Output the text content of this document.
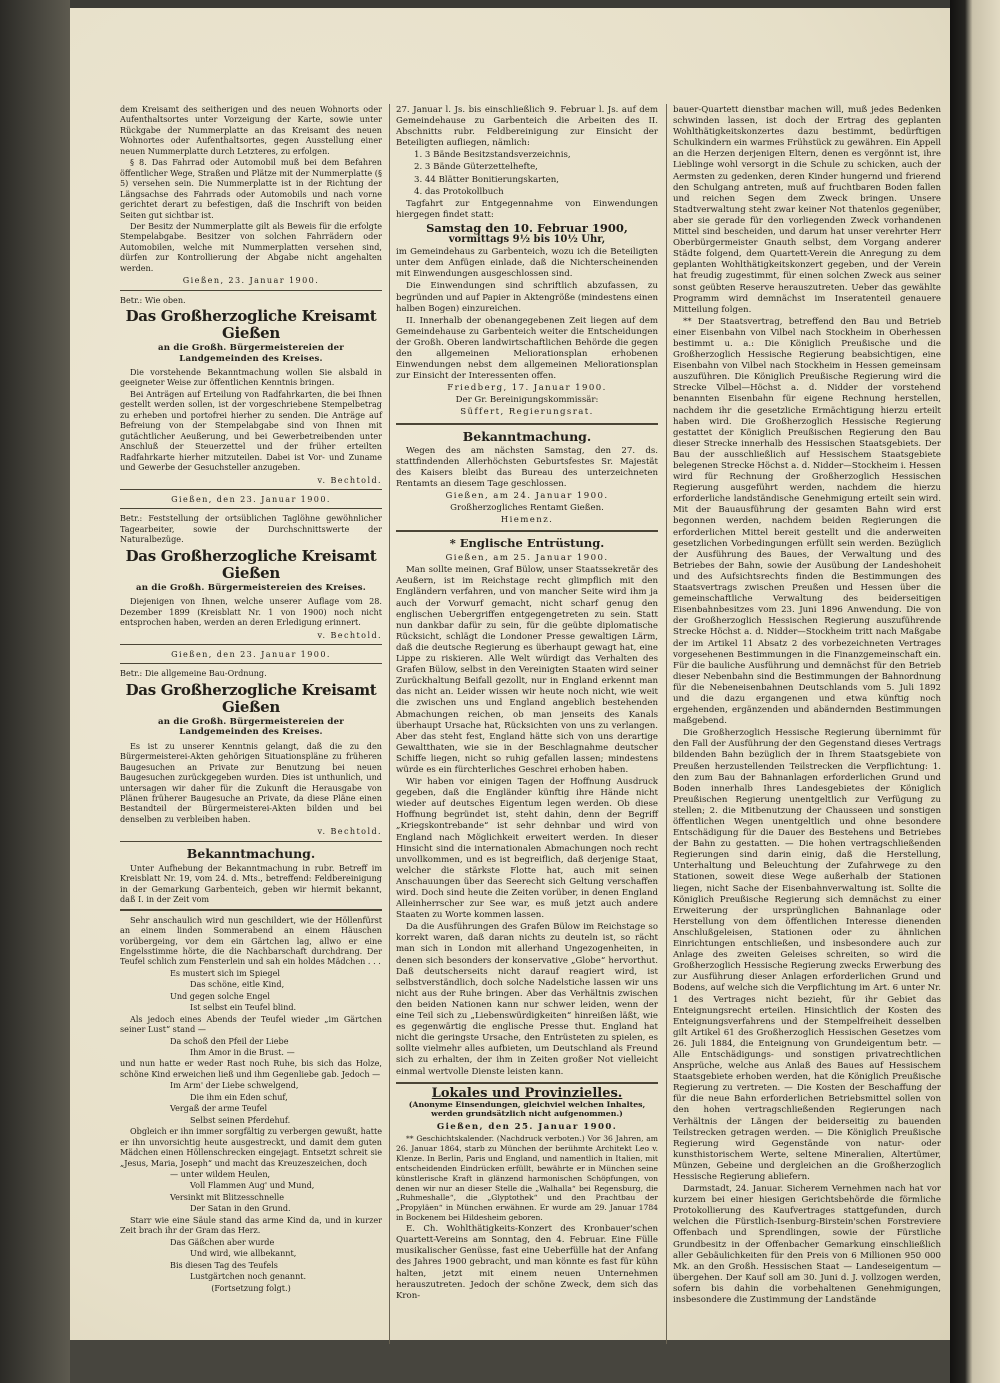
dem Kreisamt des seitherigen und des neuen Wohnorts oder Aufenthaltsortes unter Vorzeigung der Karte, sowie unter Rückgabe der Nummerplatte an das Kreisamt des neuen Wohnortes oder Aufenthaltsortes, gegen Ausstellung einer neuen Nummerplatte durch Letzteres, zu erfolgen.

§ 8. Das Fahrrad oder Automobil muß bei dem Befahren öffentlicher Wege, Straßen und Plätze mit der Nummerplatte (§ 5) versehen sein. Die Nummerplatte ist in der Richtung der Längsachse des Fahrrads oder Automobils und nach vorne gerichtet derart zu befestigen, daß die Inschrift von beiden Seiten gut sichtbar ist.

Der Besitz der Nummerplatte gilt als Beweis für die erfolgte Stempelabgabe. Besitzer von solchen Fahrrädern oder Automobilen, welche mit Nummerplatten versehen sind, dürfen zur Kontrollierung der Abgabe nicht angehalten werden.

Gießen, 23. Januar 1900.

Betr.: Wie oben.

Das Großherzogliche Kreisamt Gießen
an die Großh. Bürgermeistereien der Landgemeinden des Kreises.

Die vorstehende Bekanntmachung wollen Sie alsbald in geeigneter Weise zur öffentlichen Kenntnis bringen.

Bei Anträgen auf Erteilung von Radfahrkarten, die bei Ihnen gestellt werden sollen, ist der vorgeschriebene Stempelbetrag zu erheben und portofrei hierher zu senden. Die Anträge auf Befreiung von der Stempelabgabe sind von Ihnen mit gutächtlicher Aeußerung, und bei Gewerbetreibenden unter Anschluß der Steuerzettel und der früher erteilten Radfahrkarte hierher mitzuteilen. Dabei ist Vor- und Zuname und Gewerbe der Gesuchsteller anzugeben.

v. Bechtold.

Gießen, den 23. Januar 1900.

Betr.: Feststellung der ortsüblichen Taglöhne gewöhnlicher Tagearbeiter, sowie der Durchschnittswerte der Naturalbezüge.

Das Großherzogliche Kreisamt Gießen
an die Großh. Bürgermeistereien des Kreises.

Diejenigen von Ihnen, welche unserer Auflage vom 28. Dezember 1899 (Kreisblatt Nr. 1 von 1900) noch nicht entsprochen haben, werden an deren Erledigung erinnert.

v. Bechtold.

Gießen, den 23. Januar 1900.

Betr.: Die allgemeine Bau-Ordnung.

Das Großherzogliche Kreisamt Gießen
an die Großh. Bürgermeistereien der Landgemeinden des Kreises.

Es ist zu unserer Kenntnis gelangt, daß die zu den Bürgermeisterei-Akten gehörigen Situationspläne zu früheren Baugesuchen an Private zur Benutzung bei neuen Baugesuchen zurückgegeben wurden. Dies ist unthunlich, und untersagen wir daher für die Zukunft die Herausgabe von Plänen früherer Baugesuche an Private, da diese Pläne einen Bestandteil der Bürgermeisterei-Akten bilden und bei denselben zu verbleiben haben.

v. Bechtold.

Bekanntmachung.

Unter Aufhebung der Bekanntmachung in rubr. Betreff im Kreisblatt Nr. 19, vom 24. d. Mts., betreffend: Feldbereinigung in der Gemarkung Garbenteich, geben wir hiermit bekannt, daß I. in der Zeit vom

Sehr anschaulich wird nun geschildert, wie der Höllenfürst an einem linden Sommerabend an einem Häuschen vorübergeing, vor dem ein Gärtchen lag, allwo er eine Engelsstimme hörte, die die Nachbarschaft durchdrang. Der Teufel schlich zum Fensterlein und sah ein holdes Mädchen . . .

Es mustert sich im Spiegel

Das schöne, eitle Kind,

Und gegen solche Engel

Ist selbst ein Teufel blind.

Als jedoch eines Abends der Teufel wieder „im Gärtchen seiner Lust“ stand —

Da schoß den Pfeil der Liebe

Ihm Amor in die Brust. —

und nun hatte er weder Rast noch Ruhe, bis sich das Holze, schöne Kind erweichen ließ und ihm Gegenliebe gab. Jedoch —

Im Arm' der Liebe schwelgend,

Die ihm ein Eden schuf,

Vergaß der arme Teufel

Selbst seinen Pferdehuf.

Obgleich er ihn immer sorgfältig zu verbergen gewußt, hatte er ihn unvorsichtig heute ausgestreckt, und damit dem guten Mädchen einen Höllenschrecken eingejagt. Entsetzt schreit sie „Jesus, Maria, Joseph“ und macht das Kreuzeszeichen, doch

— unter wildem Heulen,

Voll Flammen Aug' und Mund,

Versinkt mit Blitzesschnelle

Der Satan in den Grund.

Starr wie eine Säule stand das arme Kind da, und in kurzer Zeit brach ihr der Gram das Herz.

Das Gäßchen aber wurde

Und wird, wie allbekannt,

Bis diesen Tag des Teufels

Lustgärtchen noch genannt.

(Fortsetzung folgt.)

27. Januar l. Js. bis einschließlich 9. Februar l. Js. auf dem Gemeindehause zu Garbenteich die Arbeiten des II. Abschnitts rubr. Feldbereinigung zur Einsicht der Beteiligten aufliegen, nämlich:

1. 3 Bände Besitzstandsverzeichnis,

2. 3 Bände Güterzettelhefte,

3. 44 Blätter Bonitierungskarten,

4. das Protokollbuch

Tagfahrt zur Entgegennahme von Einwendungen hiergegen findet statt:

Samstag den 10. Februar 1900,

vormittags 9½ bis 10½ Uhr,

im Gemeindehaus zu Garbenteich, wozu ich die Beteiligten unter dem Anfügen einlade, daß die Nichterscheinenden mit Einwendungen ausgeschlossen sind.

Die Einwendungen sind schriftlich abzufassen, zu begründen und auf Papier in Aktengröße (mindestens einen halben Bogen) einzureichen.

II. Innerhalb der obenangegebenen Zeit liegen auf dem Gemeindehause zu Garbenteich weiter die Entscheidungen der Großh. Oberen landwirtschaftlichen Behörde die gegen den allgemeinen Meliorationsplan erhobenen Einwendungen nebst dem allgemeinen Meliorationsplan zur Einsicht der Interessenten offen.

Friedberg, 17. Januar 1900.

Der Gr. Bereinigungskommissär:

Süffert, Regierungsrat.

Bekanntmachung.

Wegen des am nächsten Samstag, den 27. ds. stattfindenden Allerhöchsten Geburtsfestes Sr. Majestät des Kaisers bleibt das Bureau des unterzeichneten Rentamts an diesem Tage geschlossen.

Gießen, am 24. Januar 1900.

Großherzogliches Rentamt Gießen.

Hiemenz.

* Englische Entrüstung.

Gießen, am 25. Januar 1900.

Man sollte meinen, Graf Bülow, unser Staatssekretär des Aeußern, ist im Reichstage recht glimpflich mit den Engländern verfahren, und von mancher Seite wird ihm ja auch der Vorwurf gemacht, nicht scharf genug den englischen Uebergriffen entgegengetreten zu sein. Statt nun dankbar dafür zu sein, für die geübte diplomatische Rücksicht, schlägt die Londoner Presse gewaltigen Lärm, daß die deutsche Regierung es überhaupt gewagt hat, eine Lippe zu riskieren. Alle Welt würdigt das Verhalten des Grafen Bülow, selbst in den Vereinigten Staaten wird seiner Zurückhaltung Beifall gezollt, nur in England erkennt man das nicht an. Leider wissen wir heute noch nicht, wie weit die zwischen uns und England angeblich bestehenden Abmachungen reichen, ob man jenseits des Kanals überhaupt Ursache hat, Rücksichten von uns zu verlangen. Aber das steht fest, England hätte sich von uns derartige Gewaltthaten, wie sie in der Beschlagnahme deutscher Schiffe liegen, nicht so ruhig gefallen lassen; mindestens würde es ein fürchterliches Geschrei erhoben haben.

Wir haben vor einigen Tagen der Hoffnung Ausdruck gegeben, daß die Engländer künftig ihre Hände nicht wieder auf deutsches Eigentum legen werden. Ob diese Hoffnung begründet ist, steht dahin, denn der Begriff „Kriegskontrebande“ ist sehr dehnbar und wird von England nach Möglichkeit erweitert werden. In dieser Hinsicht sind die internationalen Abmachungen noch recht unvollkommen, und es ist begreiflich, daß derjenige Staat, welcher die stärkste Flotte hat, auch mit seinen Anschauungen über das Seerecht sich Geltung verschaffen wird. Doch sind heute die Zeiten vorüber, in denen England Alleinherrscher zur See war, es muß jetzt auch andere Staaten zu Worte kommen lassen.

Da die Ausführungen des Grafen Bülow im Reichstage so korrekt waren, daß daran nichts zu deuteln ist, so rächt man sich in London mit allerhand Ungezogenheiten, in denen sich besonders der konservative „Globe“ hervorthut. Daß deutscherseits nicht darauf reagiert wird, ist selbstverständlich, doch solche Nadelstiche lassen wir uns nicht aus der Ruhe bringen. Aber das Verhältnis zwischen den beiden Nationen kann nur schwer leiden, wenn der eine Teil sich zu „Liebenswürdigkeiten“ hinreißen läßt, wie es gegenwärtig die englische Presse thut. England hat nicht die geringste Ursache, den Entrüsteten zu spielen, es sollte vielmehr alles aufbieten, um Deutschland als Freund sich zu erhalten, der ihm in Zeiten großer Not vielleicht einmal wertvolle Dienste leisten kann.

Lokales und Provinzielles.
(Anonyme Einsendungen, gleichviel welchen Inhaltes, werden grundsätzlich nicht aufgenommen.)

Gießen, den 25. Januar 1900.

** Geschichtskalender. (Nachdruck verboten.) Vor 36 Jahren, am 26. Januar 1864, starb zu München der berühmte Architekt Leo v. Klenze. In Berlin, Paris und England, und namentlich in Italien, mit entscheidenden Eindrücken erfüllt, bewährte er in München seine künstlerische Kraft in glänzend harmonischen Schöpfungen, von denen wir nur an dieser Stelle die „Walhalla“ bei Regensburg, die „Ruhmeshalle“, die „Glyptothek“ und den Prachtbau der „Propyläen“ in München erwähnen. Er wurde am 29. Januar 1784 in Bockenem bei Hildesheim geboren.

E. Ch. Wohlthätigkeits-Konzert des Kronbauer'schen Quartett-Vereins am Sonntag, den 4. Februar. Eine Fülle musikalischer Genüsse, fast eine Ueberfülle hat der Anfang des Jahres 1900 gebracht, und man könnte es fast für kühn halten, jetzt mit einem neuen Unternehmen herauszutreten. Jedoch der schöne Zweck, dem sich das Kron-

bauer-Quartett dienstbar machen will, muß jedes Bedenken schwinden lassen, ist doch der Ertrag des geplanten Wohlthätigkeitskonzertes dazu bestimmt, bedürftigen Schulkindern ein warmes Frühstück zu gewähren. Ein Appell an die Herzen derjenigen Eltern, denen es vergönnt ist, ihre Lieblinge wohl versorgt in die Schule zu schicken, auch der Aermsten zu gedenken, deren Kinder hungernd und frierend den Schulgang antreten, muß auf fruchtbaren Boden fallen und reichen Segen dem Zweck bringen. Unsere Stadtverwaltung steht zwar keiner Not thatenlos gegenüber, aber sie gerade für den vorliegenden Zweck vorhandenen Mittel sind bescheiden, und darum hat unser verehrter Herr Oberbürgermeister Gnauth selbst, dem Vorgang anderer Städte folgend, dem Quartett-Verein die Anregung zu dem geplanten Wohlthätigkeitskonzert gegeben, und der Verein hat freudig zugestimmt, für einen solchen Zweck aus seiner sonst geübten Reserve herauszutreten. Ueber das gewählte Programm wird demnächst im Inseratenteil genauere Mitteilung folgen.

** Der Staatsvertrag, betreffend den Bau und Betrieb einer Eisenbahn von Vilbel nach Stockheim in Oberhessen bestimmt u. a.: Die Königlich Preußische und die Großherzoglich Hessische Regierung beabsichtigen, eine Eisenbahn von Vilbel nach Stockheim in Hessen gemeinsam auszuführen. Die Königlich Preußische Regierung wird die Strecke Vilbel—Höchst a. d. Nidder der vorstehend benannten Eisenbahn für eigene Rechnung herstellen, nachdem ihr die gesetzliche Ermächtigung hierzu erteilt haben wird. Die Großherzoglich Hessische Regierung gestattet der Königlich Preußischen Regierung den Bau dieser Strecke innerhalb des Hessischen Staatsgebiets. Der Bau der ausschließlich auf Hessischem Staatsgebiete belegenen Strecke Höchst a. d. Nidder—Stockheim i. Hessen wird für Rechnung der Großherzoglich Hessischen Regierung ausgeführt werden, nachdem die hierzu erforderliche landständische Genehmigung erteilt sein wird. Mit der Bauausführung der gesamten Bahn wird erst begonnen werden, nachdem beiden Regierungen die erforderlichen Mittel bereit gestellt und die anderweiten gesetzlichen Vorbedingungen erfüllt sein werden. Bezüglich der Ausführung des Baues, der Verwaltung und des Betriebes der Bahn, sowie der Ausübung der Landeshoheit und des Aufsichtsrechts finden die Bestimmungen des Staatsvertrags zwischen Preußen und Hessen über die gemeinschaftliche Verwaltung des beiderseitigen Eisenbahnbesitzes vom 23. Juni 1896 Anwendung. Die von der Großherzoglich Hessischen Regierung auszuführende Strecke Höchst a. d. Nidder—Stockheim tritt nach Maßgabe der im Artikel 11 Absatz 2 des vorbezeichneten Vertrages vorgesehenen Bestimmungen in die Finanzgemeinschaft ein. Für die bauliche Ausführung und demnächst für den Betrieb dieser Nebenbahn sind die Bestimmungen der Bahnordnung für die Nebeneisenbahnen Deutschlands vom 5. Juli 1892 und die dazu ergangenen und etwa künftig noch ergehenden, ergänzenden und abändernden Bestimmungen maßgebend.

Die Großherzoglich Hessische Regierung übernimmt für den Fall der Ausführung der den Gegenstand dieses Vertrags bildenden Bahn bezüglich der in Ihrem Staatsgebiete von Preußen herzustellenden Teilstrecken die Verpflichtung: 1. den zum Bau der Bahnanlagen erforderlichen Grund und Boden innerhalb Ihres Landesgebietes der Königlich Preußischen Regierung unentgeltlich zur Verfügung zu stellen; 2. die Mitbenutzung der Chausseen und sonstigen öffentlichen Wegen unentgeltlich und ohne besondere Entschädigung für die Dauer des Bestehens und Betriebes der Bahn zu gestatten. — Die hohen vertragschließenden Regierungen sind darin einig, daß die Herstellung, Unterhaltung und Beleuchtung der Zufahrwege zu den Stationen, soweit diese Wege außerhalb der Stationen liegen, nicht Sache der Eisenbahnverwaltung ist. Sollte die Königlich Preußische Regierung sich demnächst zu einer Erweiterung der ursprünglichen Bahnanlage oder Herstellung von dem öffentlichen Interesse dienenden Anschlußgeleisen, Stationen oder zu ähnlichen Einrichtungen entschließen, und insbesondere auch zur Anlage des zweiten Geleises schreiten, so wird die Großherzoglich Hessische Regierung zwecks Erwerbung des zur Ausführung dieser Anlagen erforderlichen Grund und Bodens, auf welche sich die Verpflichtung im Art. 6 unter Nr. 1 des Vertrages nicht bezieht, für ihr Gebiet das Enteignungsrecht erteilen. Hinsichtlich der Kosten des Enteignungsverfahrens und der Stempelfreiheit desselben gilt Artikel 61 des Großherzoglich Hessischen Gesetzes vom 26. Juli 1884, die Enteignung von Grundeigentum betr. — Alle Entschädigungs- und sonstigen privatrechtlichen Ansprüche, welche aus Anlaß des Baues auf Hessischem Staatsgebiete erhoben werden, hat die Königlich Preußische Regierung zu vertreten. — Die Kosten der Beschaffung der für die neue Bahn erforderlichen Betriebsmittel sollen von den hohen vertragschließenden Regierungen nach Verhältnis der Längen der beiderseitig zu bauenden Teilstrecken getragen werden. — Die Königlich Preußische Regierung wird Gegenstände von natur- oder kunsthistorischem Werte, seltene Mineralien, Altertümer, Münzen, Gebeine und dergleichen an die Großherzoglich Hessische Regierung abliefern.

Darmstadt, 24. Januar. Sicherem Vernehmen nach hat vor kurzem bei einer hiesigen Gerichtsbehörde die förmliche Protokollierung des Kaufvertrages stattgefunden, durch welchen die Fürstlich-Isenburg-Birstein'schen Forstreviere Offenbach und Sprendlingen, sowie der Fürstliche Grundbesitz in der Offenbacher Gemarkung einschließlich aller Gebäulichkeiten für den Preis von 6 Millionen 950 000 Mk. an den Großh. Hessischen Staat — Landeseigentum — übergehen. Der Kauf soll am 30. Juni d. J. vollzogen werden, sofern bis dahin die vorbehaltenen Genehmigungen, insbesondere die Zustimmung der Landstände
